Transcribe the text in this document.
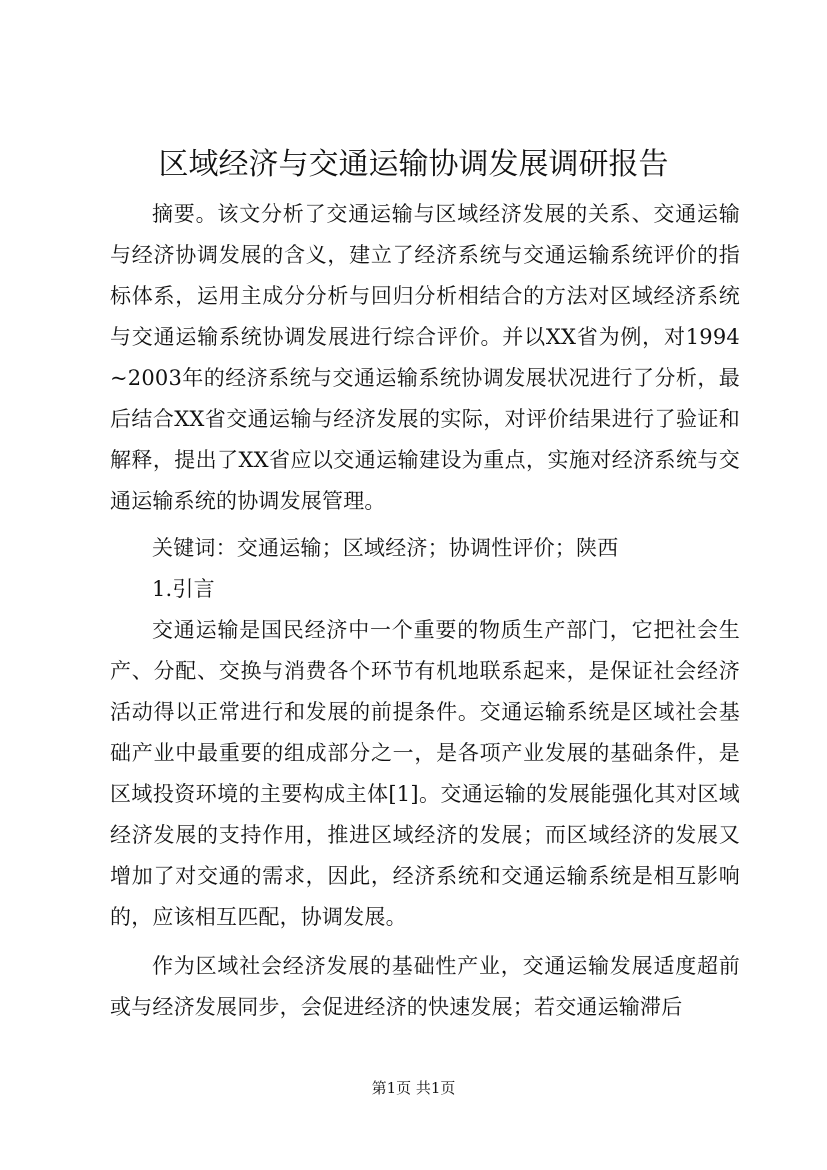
区域经济与交通运输协调发展调研报告

摘要。该文分析了交通运输与区域经济发展的关系、交通运输与经济协调发展的含义，建立了经济系统与交通运输系统评价的指标体系，运用主成分分析与回归分析相结合的方法对区域经济系统与交通运输系统协调发展进行综合评价。并以XX省为例，对1994~2003年的经济系统与交通运输系统协调发展状况进行了分析，最后结合XX省交通运输与经济发展的实际，对评价结果进行了验证和解释，提出了XX省应以交通运输建设为重点，实施对经济系统与交通运输系统的协调发展管理。

关键词：交通运输；区域经济；协调性评价；陕西

1.引言

交通运输是国民经济中一个重要的物质生产部门，它把社会生产、分配、交换与消费各个环节有机地联系起来，是保证社会经济活动得以正常进行和发展的前提条件。交通运输系统是区域社会基础产业中最重要的组成部分之一，是各项产业发展的基础条件，是区域投资环境的主要构成主体[1]。交通运输的发展能强化其对区域经济发展的支持作用，推进区域经济的发展；而区域经济的发展又增加了对交通的需求，因此，经济系统和交通运输系统是相互影响的，应该相互匹配，协调发展。

作为区域社会经济发展的基础性产业，交通运输发展适度超前或与经济发展同步，会促进经济的快速发展；若交通运输滞后

第1页 共1页
